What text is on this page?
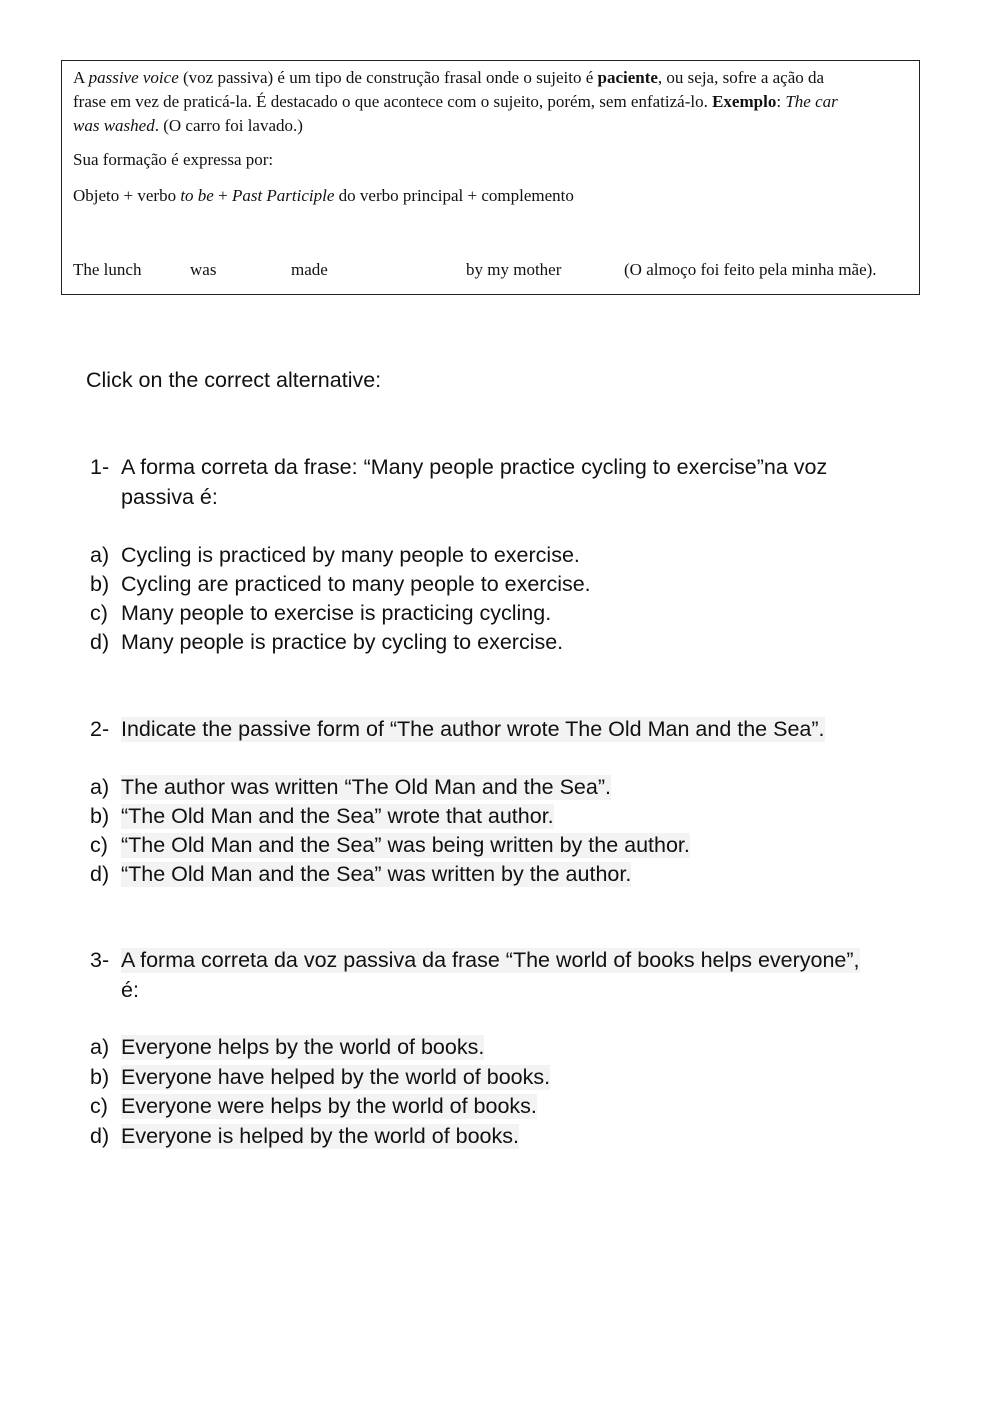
A passive voice (voz passiva) é um tipo de construção frasal onde o sujeito é paciente, ou seja, sofre a ação da
frase em vez de praticá-la. É destacado o que acontece com o sujeito, porém, sem enfatizá-lo. Exemplo: The car
was washed. (O carro foi lavado.)
Sua formação é expressa por:
Objeto + verbo to be + Past Participle do verbo principal + complemento
The lunch	was	made	by my mother	(O almoço foi feito pela minha mãe).
Click on the correct alternative:
1- A forma correta da frase: “Many people practice cycling to exercise”na voz
passiva é:
a) Cycling is practiced by many people to exercise.
b) Cycling are practiced to many people to exercise.
c) Many people to exercise is practicing cycling.
d) Many people is practice by cycling to exercise.
2- Indicate the passive form of “The author wrote The Old Man and the Sea”.
a) The author was written “The Old Man and the Sea”.
b) “The Old Man and the Sea” wrote that author.
c) “The Old Man and the Sea” was being written by the author.
d) “The Old Man and the Sea” was written by the author.
3- A forma correta da voz passiva da frase “The world of books helps everyone”,
é:
a) Everyone helps by the world of books.
b) Everyone have helped by the world of books.
c) Everyone were helps by the world of books.
d) Everyone is helped by the world of books.
